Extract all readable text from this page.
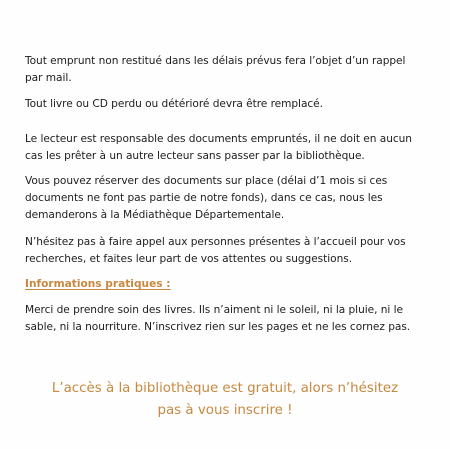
Tout emprunt non restitué dans les délais prévus fera l’objet d’un rappel par mail.
Tout livre ou CD perdu ou détérioré devra être remplacé.
Le lecteur est responsable des documents empruntés, il ne doit en aucun cas les prêter à un autre lecteur sans passer par la bibliothèque.
Vous pouvez réserver des documents sur place (délai d’1 mois si ces documents ne font pas partie de notre fonds), dans ce cas, nous les demanderons à la Médiathèque Départementale.
N’hésitez pas à faire appel aux personnes présentes à l’accueil pour vos recherches, et faites leur part de vos attentes ou suggestions.
Informations pratiques :
Merci de prendre soin des livres. Ils n’aiment ni le soleil, ni la pluie, ni le sable, ni la nourriture. N’inscrivez rien sur les pages et ne les cornez pas.
L’accès à la bibliothèque est gratuit, alors n’hésitez
pas à vous inscrire !
